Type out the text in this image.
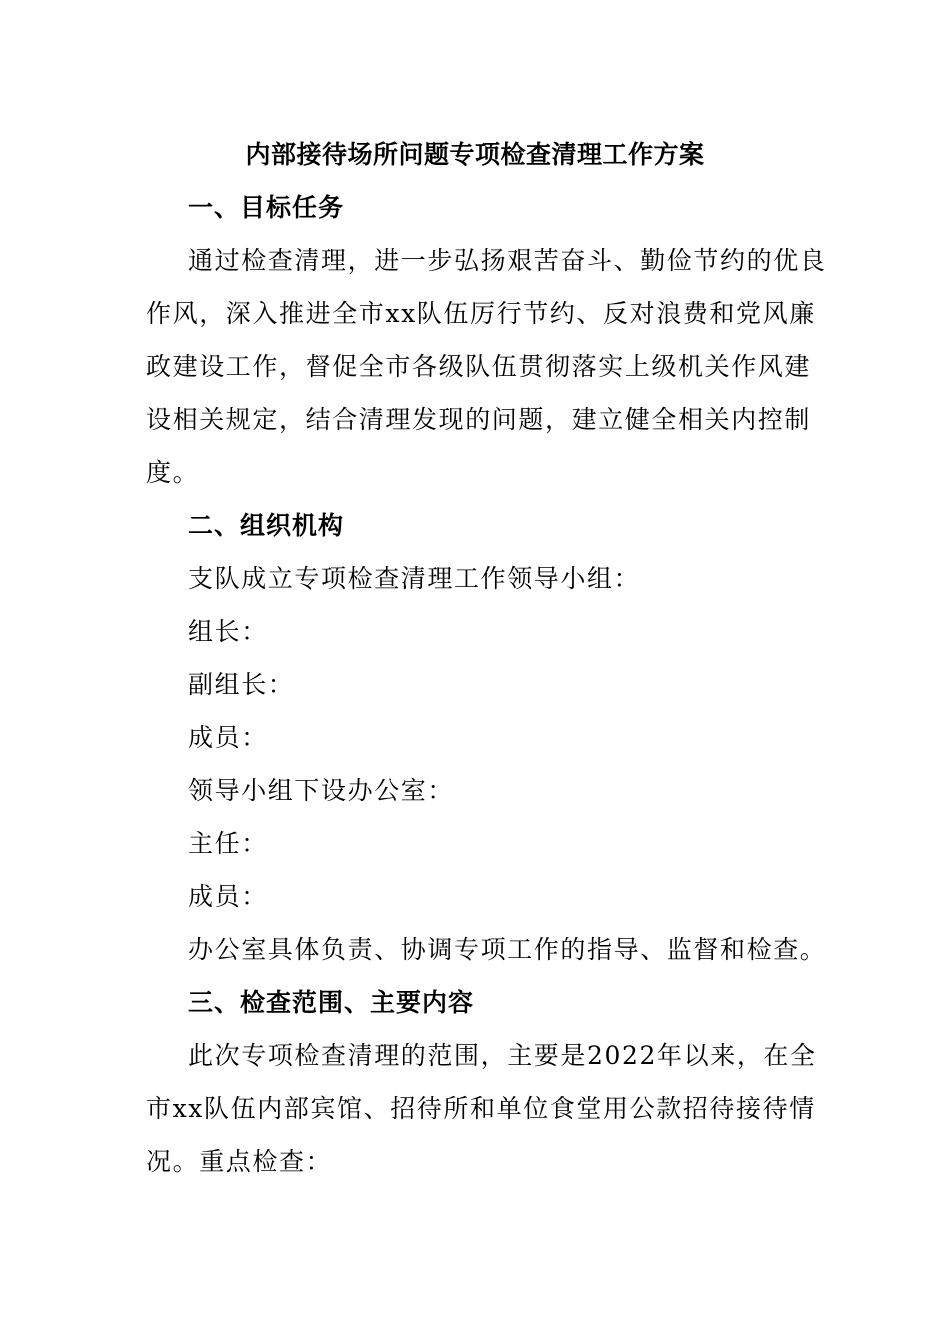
内部接待场所问题专项检查清理工作方案
一、目标任务
通过检查清理，进一步弘扬艰苦奋斗、勤俭节约的优良
作风，深入推进全市xx队伍厉行节约、反对浪费和党风廉
政建设工作，督促全市各级队伍贯彻落实上级机关作风建
设相关规定，结合清理发现的问题，建立健全相关内控制
度。
二、组织机构
支队成立专项检查清理工作领导小组：
组长：
副组长：
成员：
领导小组下设办公室：
主任：
成员：
办公室具体负责、协调专项工作的指导、监督和检查。
三、检查范围、主要内容
此次专项检查清理的范围，主要是2022年以来，在全
市xx队伍内部宾馆、招待所和单位食堂用公款招待接待情
况。重点检查：
